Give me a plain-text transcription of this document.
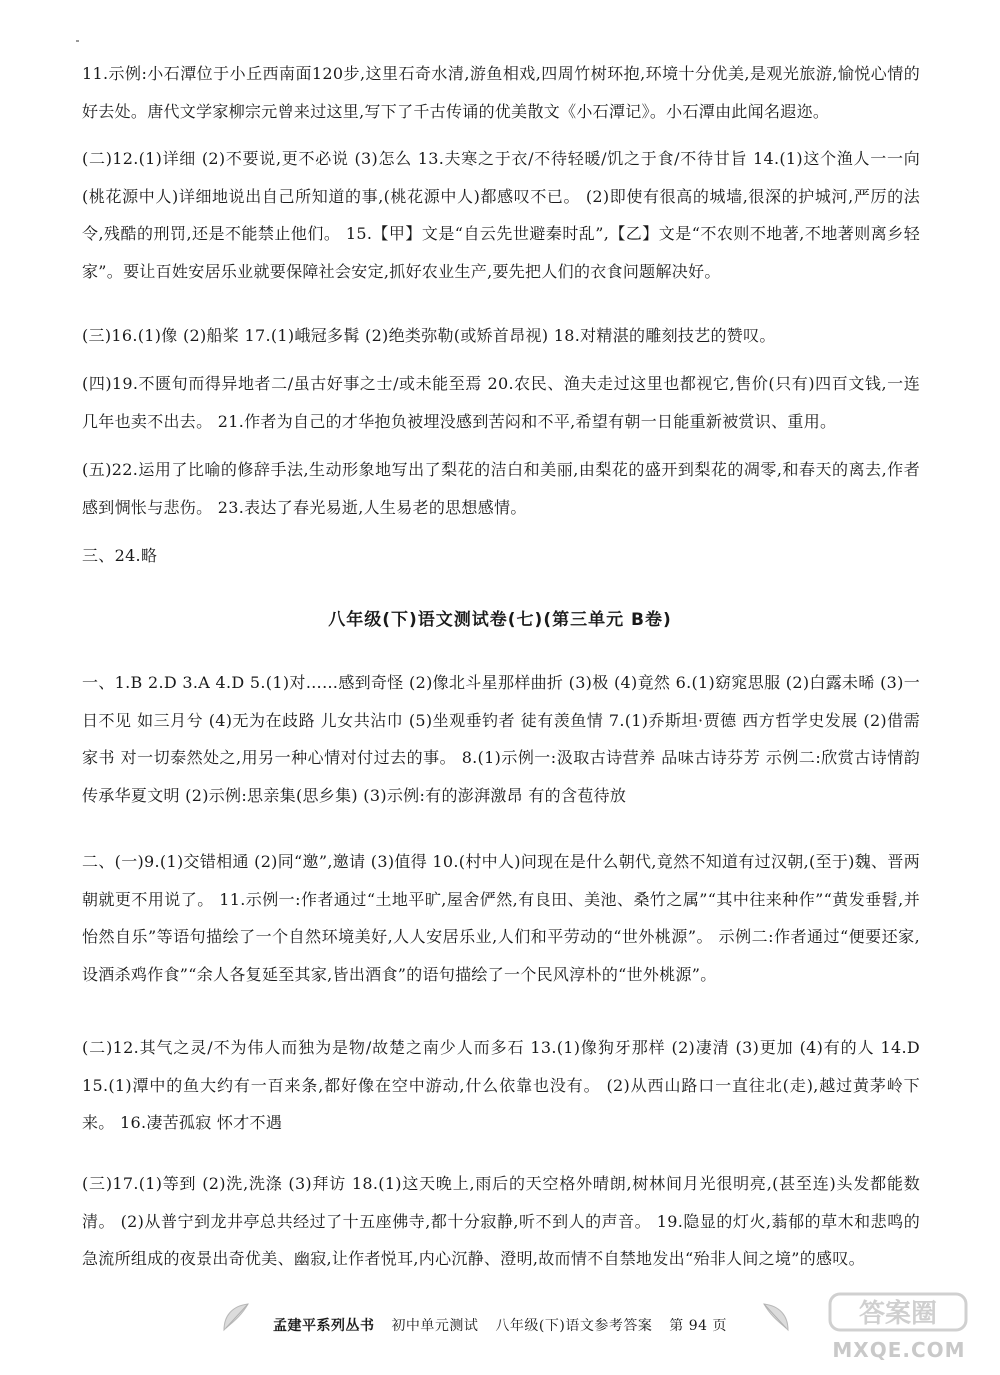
11.示例:小石潭位于小丘西南面120步,这里石奇水清,游鱼相戏,四周竹树环抱,环境十分优美,是观光旅游,愉悦心情的好去处。唐代文学家柳宗元曾来过这里,写下了千古传诵的优美散文《小石潭记》。小石潭由此闻名遐迩。

(二)12.(1)详细 (2)不要说,更不必说 (3)怎么 13.夫寒之于衣/不待轻暖/饥之于食/不待甘旨 14.(1)这个渔人一一向(桃花源中人)详细地说出自己所知道的事,(桃花源中人)都感叹不已。 (2)即使有很高的城墙,很深的护城河,严厉的法令,残酷的刑罚,还是不能禁止他们。 15.【甲】文是“自云先世避秦时乱”,【乙】文是“不农则不地著,不地著则离乡轻家”。要让百姓安居乐业就要保障社会安定,抓好农业生产,要先把人们的衣食问题解决好。

(三)16.(1)像 (2)船桨 17.(1)峨冠多髯 (2)绝类弥勒(或矫首昂视) 18.对精湛的雕刻技艺的赞叹。

(四)19.不匮旬而得异地者二/虽古好事之士/或未能至焉 20.农民、渔夫走过这里也都视它,售价(只有)四百文钱,一连几年也卖不出去。 21.作者为自己的才华抱负被埋没感到苦闷和不平,希望有朝一日能重新被赏识、重用。

(五)22.运用了比喻的修辞手法,生动形象地写出了梨花的洁白和美丽,由梨花的盛开到梨花的凋零,和春天的离去,作者感到惆怅与悲伤。 23.表达了春光易逝,人生易老的思想感情。

三、24.略

八年级(下)语文测试卷(七)(第三单元 B卷)

一、1.B 2.D 3.A 4.D 5.(1)对……感到奇怪 (2)像北斗星那样曲折 (3)极 (4)竟然 6.(1)窈窕思服 (2)白露未晞 (3)一日不见 如三月兮 (4)无为在歧路 儿女共沾巾 (5)坐观垂钓者 徒有羡鱼情 7.(1)乔斯坦·贾德 西方哲学史发展 (2)借需家书 对一切泰然处之,用另一种心情对付过去的事。 8.(1)示例一:汲取古诗营养 品味古诗芬芳 示例二:欣赏古诗情韵 传承华夏文明 (2)示例:思亲集(思乡集) (3)示例:有的澎湃激昂 有的含苞待放

二、(一)9.(1)交错相通 (2)同“邀”,邀请 (3)值得 10.(村中人)问现在是什么朝代,竟然不知道有过汉朝,(至于)魏、晋两朝就更不用说了。 11.示例一:作者通过“土地平旷,屋舍俨然,有良田、美池、桑竹之属”“其中往来种作”“黄发垂髫,并怡然自乐”等语句描绘了一个自然环境美好,人人安居乐业,人们和平劳动的“世外桃源”。 示例二:作者通过“便要还家,设酒杀鸡作食”“余人各复延至其家,皆出酒食”的语句描绘了一个民风淳朴的“世外桃源”。

(二)12.其气之灵/不为伟人而独为是物/故楚之南少人而多石 13.(1)像狗牙那样 (2)凄清 (3)更加 (4)有的人 14.D 15.(1)潭中的鱼大约有一百来条,都好像在空中游动,什么依靠也没有。 (2)从西山路口一直往北(走),越过黄茅岭下来。 16.凄苦孤寂 怀才不遇

(三)17.(1)等到 (2)洗,洗涤 (3)拜访 18.(1)这天晚上,雨后的天空格外晴朗,树林间月光很明亮,(甚至连)头发都能数清。 (2)从普宁到龙井亭总共经过了十五座佛寺,都十分寂静,听不到人的声音。 19.隐显的灯火,蓊郁的草木和悲鸣的急流所组成的夜景出奇优美、幽寂,让作者悦耳,内心沉静、澄明,故而情不自禁地发出“殆非人间之境”的感叹。

孟建平系列丛书 初中单元测试 八年级(下)语文参考答案 第 94 页	答案圈
MXQE.COM
